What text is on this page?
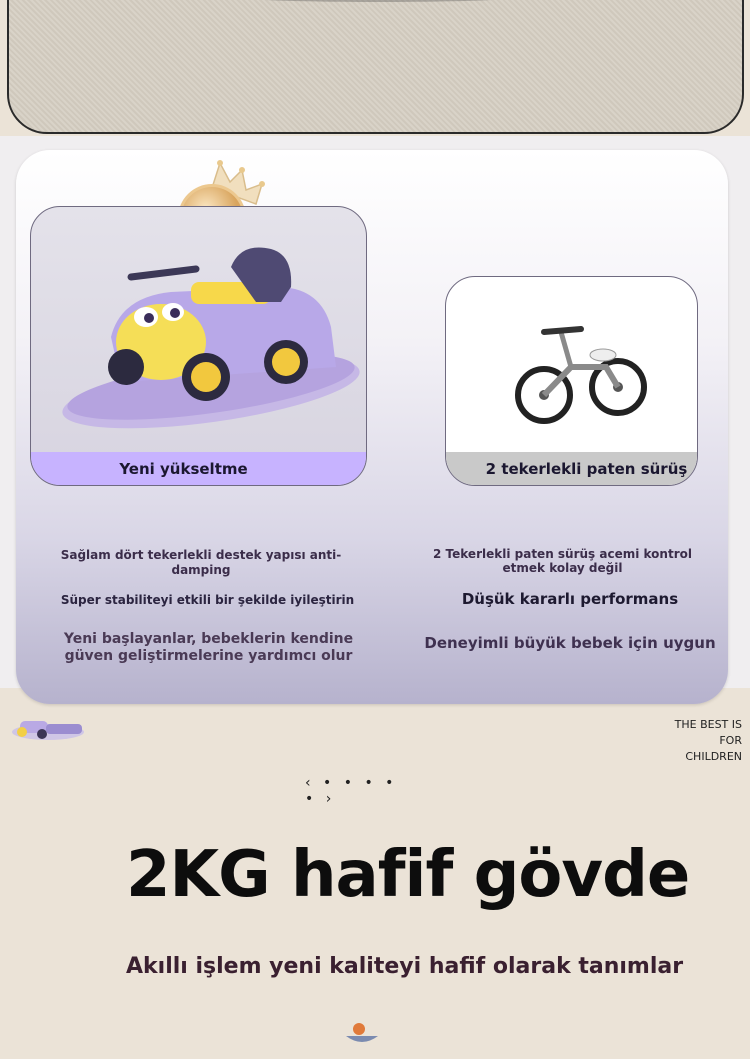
Yeni yükseltme	2 tekerlekli paten sürüş
Sağlam dört tekerlekli destek yapısı anti-damping
Süper stabiliteyi etkili bir şekilde iyileştirin
Yeni başlayanlar, bebeklerin kendine güven geliştirmelerine yardımcı olur
2 Tekerlekli paten sürüş acemi kontrol etmek kolay değil
Düşük kararlı performans
Deneyimli büyük bebek için uygun
THE BEST IS
FOR CHILDREN
‹ • • • • • ›
2KG hafif gövde
Akıllı işlem yeni kaliteyi hafif olarak tanımlar
